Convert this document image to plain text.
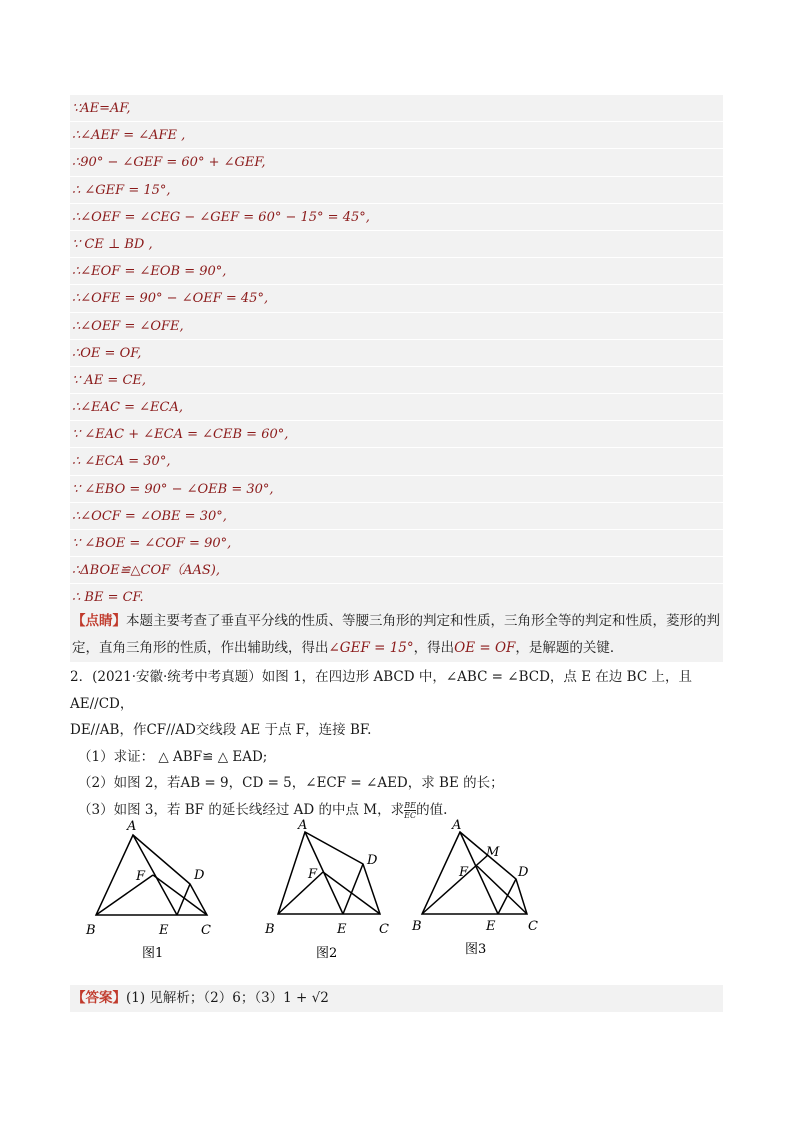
∵AE=AF,
∴∠AEF = ∠AFE ,
∴90° − ∠GEF = 60° + ∠GEF,
∴ ∠GEF = 15°,
∴∠OEF = ∠CEG − ∠GEF = 60° − 15° = 45°,
∵ CE ⊥ BD ,
∴∠EOF = ∠EOB = 90°,
∴∠OFE = 90° − ∠OEF = 45°,
∴∠OEF = ∠OFE,
∴OE = OF,
∵ AE = CE,
∴∠EAC = ∠ECA,
∵ ∠EAC + ∠ECA = ∠CEB = 60°,
∴ ∠ECA = 30°,
∵ ∠EBO = 90° − ∠OEB = 30°,
∴∠OCF = ∠OBE = 30°,
∵ ∠BOE = ∠COF = 90°,
∴ΔBOE≌△COF（AAS),
∴ BE = CF.
【点睛】本题主要考查了垂直平分线的性质、等腰三角形的判定和性质，三角形全等的判定和性质，菱形的判定，直角三角形的性质，作出辅助线，得出∠GEF = 15°，得出OE = OF，是解题的关键．

2．(2021·安徽·统考中考真题）如图 1，在四边形 ABCD 中，∠ABC = ∠BCD，点 E 在边 BC 上，且AE//CD，

DE//AB，作CF//AD交线段 AE 于点 F，连接 BF.

（1）求证： △ ABF≌ △ EAD;

（2）如图 2，若AB = 9，CD = 5，∠ECF = ∠AED，求 BE 的长；

（3）如图 3，若 BF 的延长线经过 AD 的中点 M，求 $\frac{BE}{EC}$ 的值.

A
B	C
D
E
F
图1
A
B	C
D
E
F
图2
A
B	C
D
E
F
M
图3
【答案】(1) 见解析；（2）6；（3）1 + √2
